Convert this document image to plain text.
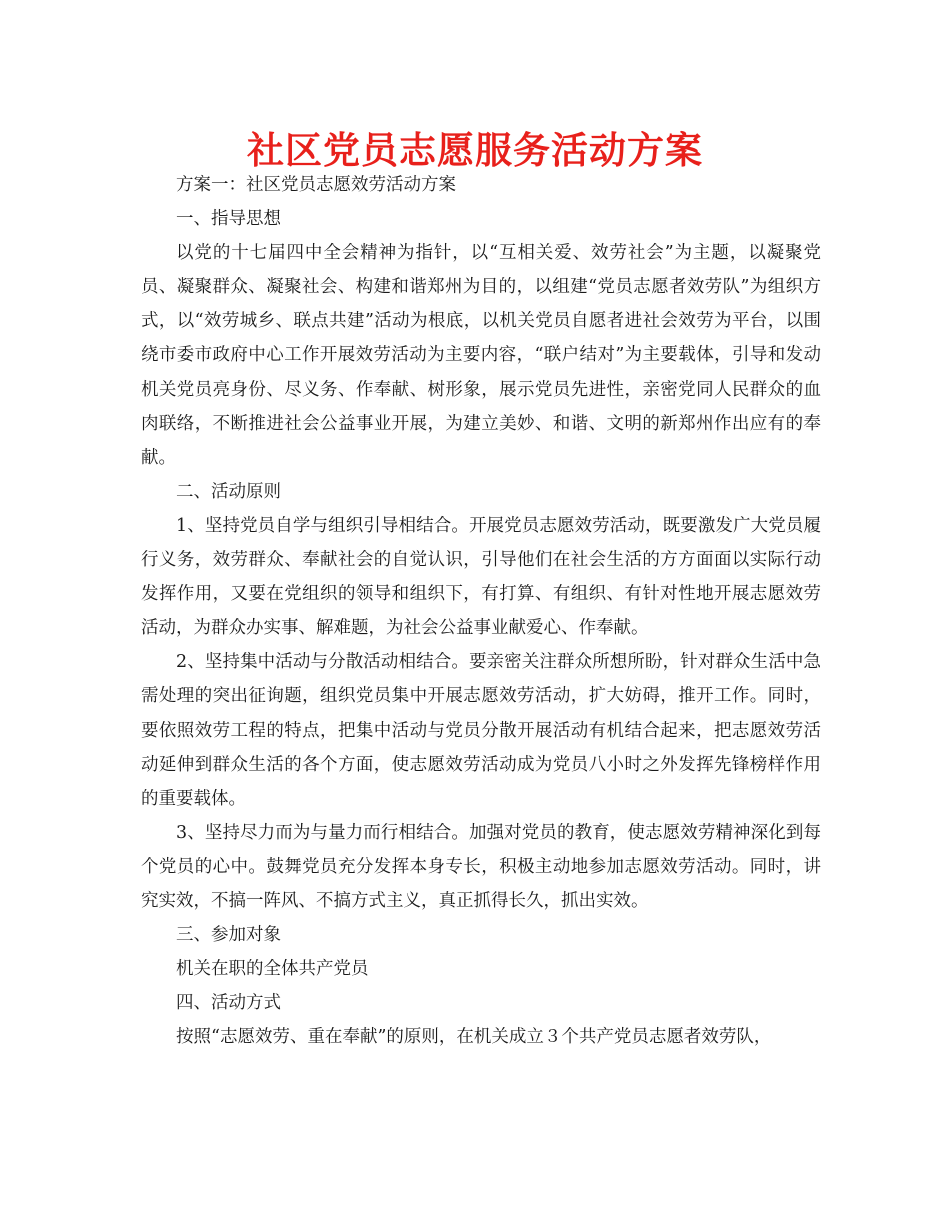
社区党员志愿服务活动方案

方案一：社区党员志愿效劳活动方案

一、指导思想

以党的十七届四中全会精神为指针，以“互相关爱、效劳社会”为主题，以凝聚党员、凝聚群众、凝聚社会、构建和谐郑州为目的，以组建“党员志愿者效劳队”为组织方式，以“效劳城乡、联点共建”活动为根底，以机关党员自愿者进社会效劳为平台，以围绕市委市政府中心工作开展效劳活动为主要内容，“联户结对”为主要载体，引导和发动机关党员亮身份、尽义务、作奉献、树形象，展示党员先进性，亲密党同人民群众的血肉联络，不断推进社会公益事业开展，为建立美妙、和谐、文明的新郑州作出应有的奉献。

二、活动原则

1、坚持党员自学与组织引导相结合。开展党员志愿效劳活动，既要激发广大党员履行义务，效劳群众、奉献社会的自觉认识，引导他们在社会生活的方方面面以实际行动发挥作用，又要在党组织的领导和组织下，有打算、有组织、有针对性地开展志愿效劳活动，为群众办实事、解难题，为社会公益事业献爱心、作奉献。

2、坚持集中活动与分散活动相结合。要亲密关注群众所想所盼，针对群众生活中急需处理的突出征询题，组织党员集中开展志愿效劳活动，扩大妨碍，推开工作。同时，要依照效劳工程的特点，把集中活动与党员分散开展活动有机结合起来，把志愿效劳活动延伸到群众生活的各个方面，使志愿效劳活动成为党员八小时之外发挥先锋榜样作用的重要载体。

3、坚持尽力而为与量力而行相结合。加强对党员的教育，使志愿效劳精神深化到每个党员的心中。鼓舞党员充分发挥本身专长，积极主动地参加志愿效劳活动。同时，讲究实效，不搞一阵风、不搞方式主义，真正抓得长久，抓出实效。

三、参加对象

机关在职的全体共产党员

四、活动方式

按照“志愿效劳、重在奉献”的原则，在机关成立３个共产党员志愿者效劳队，
